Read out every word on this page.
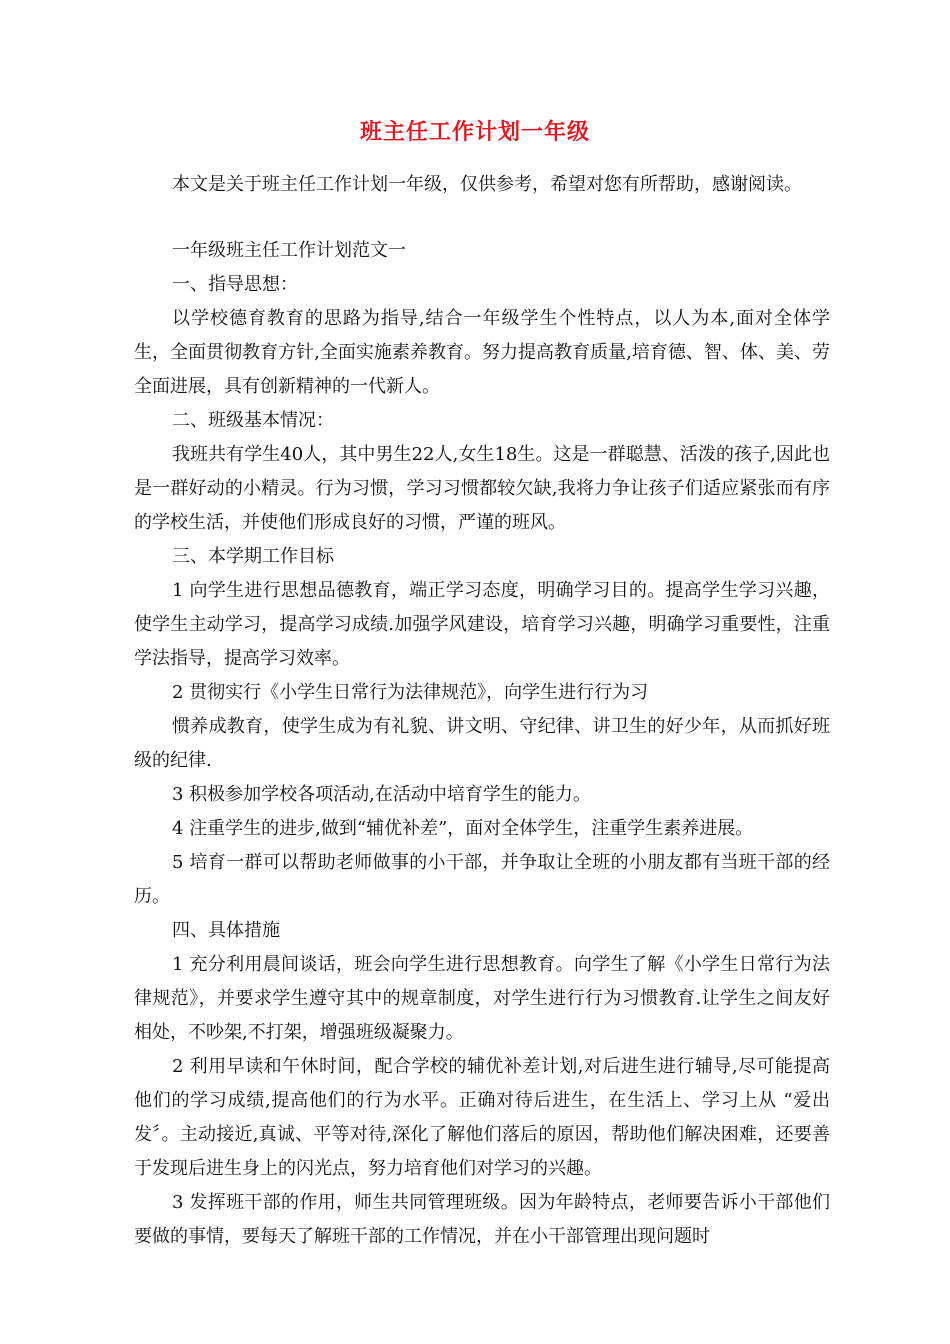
班主任工作计划一年级

本文是关于班主任工作计划一年级，仅供参考，希望对您有所帮助，感谢阅读。

一年级班主任工作计划范文一

一、指导思想：

以学校德育教育的思路为指导,结合一年级学生个性特点，以人为本,面对全体学生，全面贯彻教育方针,全面实施素养教育。努力提高教育质量,培育德、智、体、美、劳全面进展，具有创新精神的一代新人。

二、班级基本情况：

我班共有学生40人，其中男生22人,女生18生。这是一群聪慧、活泼的孩子,因此也是一群好动的小精灵。行为习惯，学习习惯都较欠缺,我将力争让孩子们适应紧张而有序的学校生活，并使他们形成良好的习惯，严谨的班风。

三、本学期工作目标

1 向学生进行思想品德教育，端正学习态度，明确学习目的。提高学生学习兴趣，使学生主动学习，提高学习成绩.加强学风建设，培育学习兴趣，明确学习重要性，注重学法指导，提高学习效率。

2 贯彻实行《小学生日常行为法律规范》，向学生进行行为习

惯养成教育，使学生成为有礼貌、讲文明、守纪律、讲卫生的好少年，从而抓好班级的纪律.

3 积极参加学校各项活动,在活动中培育学生的能力。

4 注重学生的进步,做到“辅优补差”，面对全体学生，注重学生素养进展。

5 培育一群可以帮助老师做事的小干部，并争取让全班的小朋友都有当班干部的经历。

四、具体措施

1 充分利用晨间谈话，班会向学生进行思想教育。向学生了解《小学生日常行为法律规范》，并要求学生遵守其中的规章制度，对学生进行行为习惯教育.让学生之间友好相处，不吵架,不打架，增强班级凝聚力。

2 利用早读和午休时间，配合学校的辅优补差计划,对后进生进行辅导,尽可能提高他们的学习成绩,提高他们的行为水平。正确对待后进生，在生活上、学习上从 “爱出发〞。主动接近,真诚、平等对待,深化了解他们落后的原因，帮助他们解决困难，还要善于发现后进生身上的闪光点，努力培育他们对学习的兴趣。

3 发挥班干部的作用，师生共同管理班级。因为年龄特点，老师要告诉小干部他们要做的事情，要每天了解班干部的工作情况，并在小干部管理出现问题时
